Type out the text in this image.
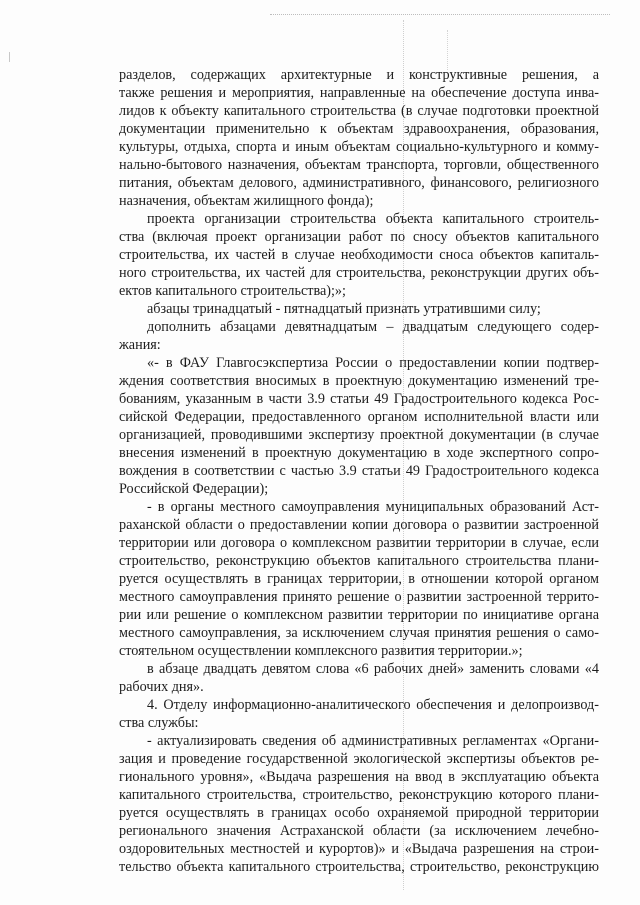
разделов, содержащих архитектурные и конструктивные решения, а

также решения и мероприятия, направленные на обеспечение доступа инва-

лидов к объекту капитального строительства (в случае подготовки проектной

документации применительно к объектам здравоохранения, образования,

культуры, отдыха, спорта и иным объектам социально-культурного и комму-

нально-бытового назначения, объектам транспорта, торговли, общественного

питания, объектам делового, административного, финансового, религиозного

назначения, объектам жилищного фонда);

проекта организации строительства объекта капитального строитель-

ства (включая проект организации работ по сносу объектов капитального

строительства, их частей в случае необходимости сноса объектов капиталь-

ного строительства, их частей для строительства, реконструкции других объ-

ектов капитального строительства);»;

абзацы тринадцатый - пятнадцатый признать утратившими силу;

дополнить абзацами девятнадцатым – двадцатым следующего содер-

жания:

«- в ФАУ Главгосэкспертиза России о предоставлении копии подтвер-

ждения соответствия вносимых в проектную документацию изменений тре-

бованиям, указанным в части 3.9 статьи 49 Градостроительного кодекса Рос-

сийской Федерации, предоставленного органом исполнительной власти или

организацией, проводившими экспертизу проектной документации (в случае

внесения изменений в проектную документацию в ходе экспертного сопро-

вождения в соответствии с частью 3.9 статьи 49 Градостроительного кодекса

Российской Федерации);

- в органы местного самоуправления муниципальных образований Аст-

раханской области о предоставлении копии договора о развитии застроенной

территории или договора о комплексном развитии территории в случае, если

строительство, реконструкцию объектов капитального строительства плани-

руется осуществлять в границах территории, в отношении которой органом

местного самоуправления принято решение о развитии застроенной террито-

рии или решение о комплексном развитии территории по инициативе органа

местного самоуправления, за исключением случая принятия решения о само-

стоятельном осуществлении комплексного развития территории.»;

в абзаце двадцать девятом слова «6 рабочих дней» заменить словами «4

рабочих дня».

4. Отделу информационно-аналитического обеспечения и делопроизвод-

ства службы:

- актуализировать сведения об административных регламентах «Органи-

зация и проведение государственной экологической экспертизы объектов ре-

гионального уровня», «Выдача разрешения на ввод в эксплуатацию объекта

капитального строительства, строительство, реконструкцию которого плани-

руется осуществлять в границах особо охраняемой природной территории

регионального значения Астраханской области (за исключением лечебно-

оздоровительных местностей и курортов)» и «Выдача разрешения на строи-

тельство объекта капитального строительства, строительство, реконструкцию
